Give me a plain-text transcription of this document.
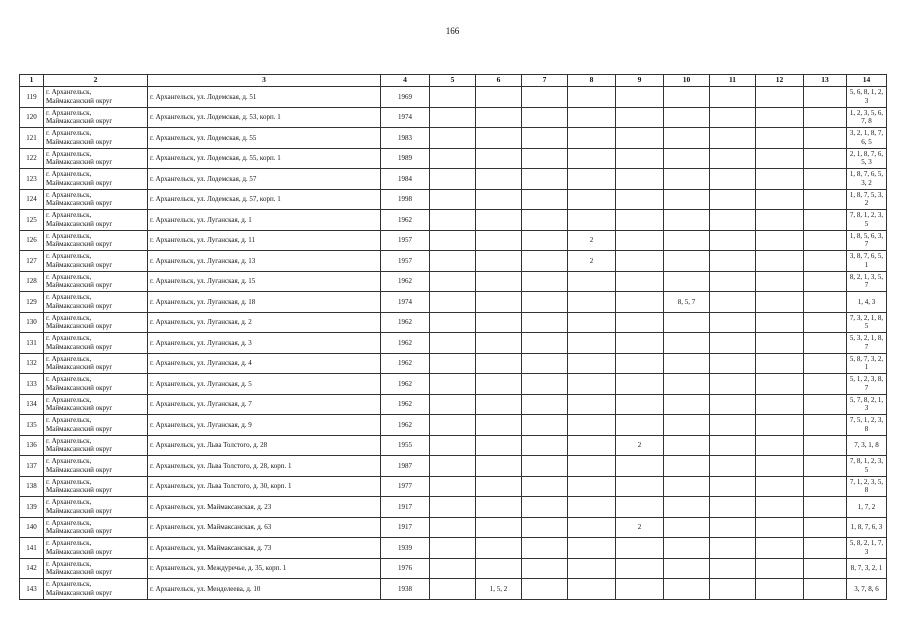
166
1	2	3	4	5	6	7	8	9	10	11	12	13	14
119	г. Архангельск,
Маймаксанский округ	г. Архангельск, ул. Лодемская, д. 51	1969										5, 6, 8, 1, 2,
3
120	г. Архангельск,
Маймаксанский округ	г. Архангельск, ул. Лодемская, д. 53, корп. 1	1974										1, 2, 3, 5, 6,
7, 8
121	г. Архангельск,
Маймаксанский округ	г. Архангельск, ул. Лодемская, д. 55	1983										3, 2, 1, 8, 7,
6, 5
122	г. Архангельск,
Маймаксанский округ	г. Архангельск, ул. Лодемская, д. 55, корп. 1	1989										2, 1, 8, 7, 6,
5, 3
123	г. Архангельск,
Маймаксанский округ	г. Архангельск, ул. Лодемская, д. 57	1984										1, 8, 7, 6, 5,
3, 2
124	г. Архангельск,
Маймаксанский округ	г. Архангельск, ул. Лодемская, д. 57, корп. 1	1998										1, 8, 7, 5, 3,
2
125	г. Архангельск,
Маймаксанский округ	г. Архангельск, ул. Луганская, д. 1	1962										7, 8, 1, 2, 3,
5
126	г. Архангельск,
Маймаксанский округ	г. Архангельск, ул. Луганская, д. 11	1957				2						1, 8, 5, 6, 3,
7
127	г. Архангельск,
Маймаксанский округ	г. Архангельск, ул. Луганская, д. 13	1957				2						3, 8, 7, 6, 5,
1
128	г. Архангельск,
Маймаксанский округ	г. Архангельск, ул. Луганская, д. 15	1962										8, 2, 1, 3, 5,
7
129	г. Архангельск,
Маймаксанский округ	г. Архангельск, ул. Луганская, д. 18	1974						8, 5, 7				1, 4, 3
130	г. Архангельск,
Маймаксанский округ	г. Архангельск, ул. Луганская, д. 2	1962										7, 3, 2, 1, 8,
5
131	г. Архангельск,
Маймаксанский округ	г. Архангельск, ул. Луганская, д. 3	1962										5, 3, 2, 1, 8,
7
132	г. Архангельск,
Маймаксанский округ	г. Архангельск, ул. Луганская, д. 4	1962										5, 8, 7, 3, 2,
1
133	г. Архангельск,
Маймаксанский округ	г. Архангельск, ул. Луганская, д. 5	1962										5, 1, 2, 3, 8,
7
134	г. Архангельск,
Маймаксанский округ	г. Архангельск, ул. Луганская, д. 7	1962										5, 7, 8, 2, 1,
3
135	г. Архангельск,
Маймаксанский округ	г. Архангельск, ул. Луганская, д. 9	1962										7, 5, 1, 2, 3,
8
136	г. Архангельск,
Маймаксанский округ	г. Архангельск, ул. Льва Толстого, д. 28	1955					2					7, 3, 1, 8
137	г. Архангельск,
Маймаксанский округ	г. Архангельск, ул. Льва Толстого, д. 28, корп. 1	1987										7, 8, 1, 2, 3,
5
138	г. Архангельск,
Маймаксанский округ	г. Архангельск, ул. Льва Толстого, д. 30, корп. 1	1977										7, 1, 2, 3, 5,
8
139	г. Архангельск,
Маймаксанский округ	г. Архангельск, ул. Маймаксанская, д. 23	1917										1, 7, 2
140	г. Архангельск,
Маймаксанский округ	г. Архангельск, ул. Маймаксанская, д. 63	1917					2					1, 8, 7, 6, 3
141	г. Архангельск,
Маймаксанский округ	г. Архангельск, ул. Маймаксанская, д. 73	1939										5, 8, 2, 1, 7,
3
142	г. Архангельск,
Маймаксанский округ	г. Архангельск, ул. Междуречье, д. 35, корп. 1	1976										8, 7, 3, 2, 1
143	г. Архангельск,
Маймаксанский округ	г. Архангельск, ул. Менделеева, д. 10	1938		1, 5, 2								3, 7, 8, 6
